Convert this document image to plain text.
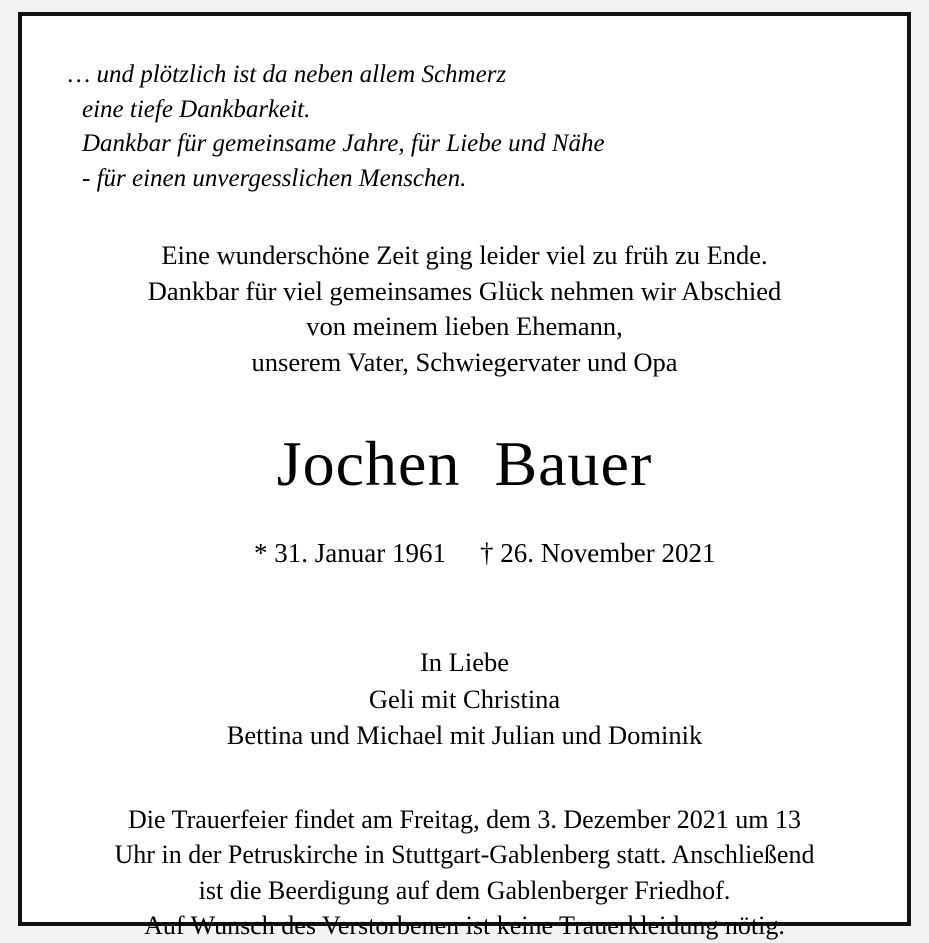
… und plötzlich ist da neben allem Schmerz
eine tiefe Dankbarkeit.
Dankbar für gemeinsame Jahre, für Liebe und Nähe
- für einen unvergesslichen Menschen.
Eine wunderschöne Zeit ging leider viel zu früh zu Ende.
Dankbar für viel gemeinsames Glück nehmen wir Abschied
von meinem lieben Ehemann,
unserem Vater, Schwiegervater und Opa
Jochen  Bauer

* 31. Januar 1961 † 26. November 2021

In Liebe
Geli mit Christina
Bettina und Michael mit Julian und Dominik
Die Trauerfeier findet am Freitag, dem 3. Dezember 2021 um 13
Uhr in der Petruskirche in Stuttgart-Gablenberg statt. Anschließend
ist die Beerdigung auf dem Gablenberger Friedhof.
Auf Wunsch des Verstorbenen ist keine Trauerkleidung nötig.
